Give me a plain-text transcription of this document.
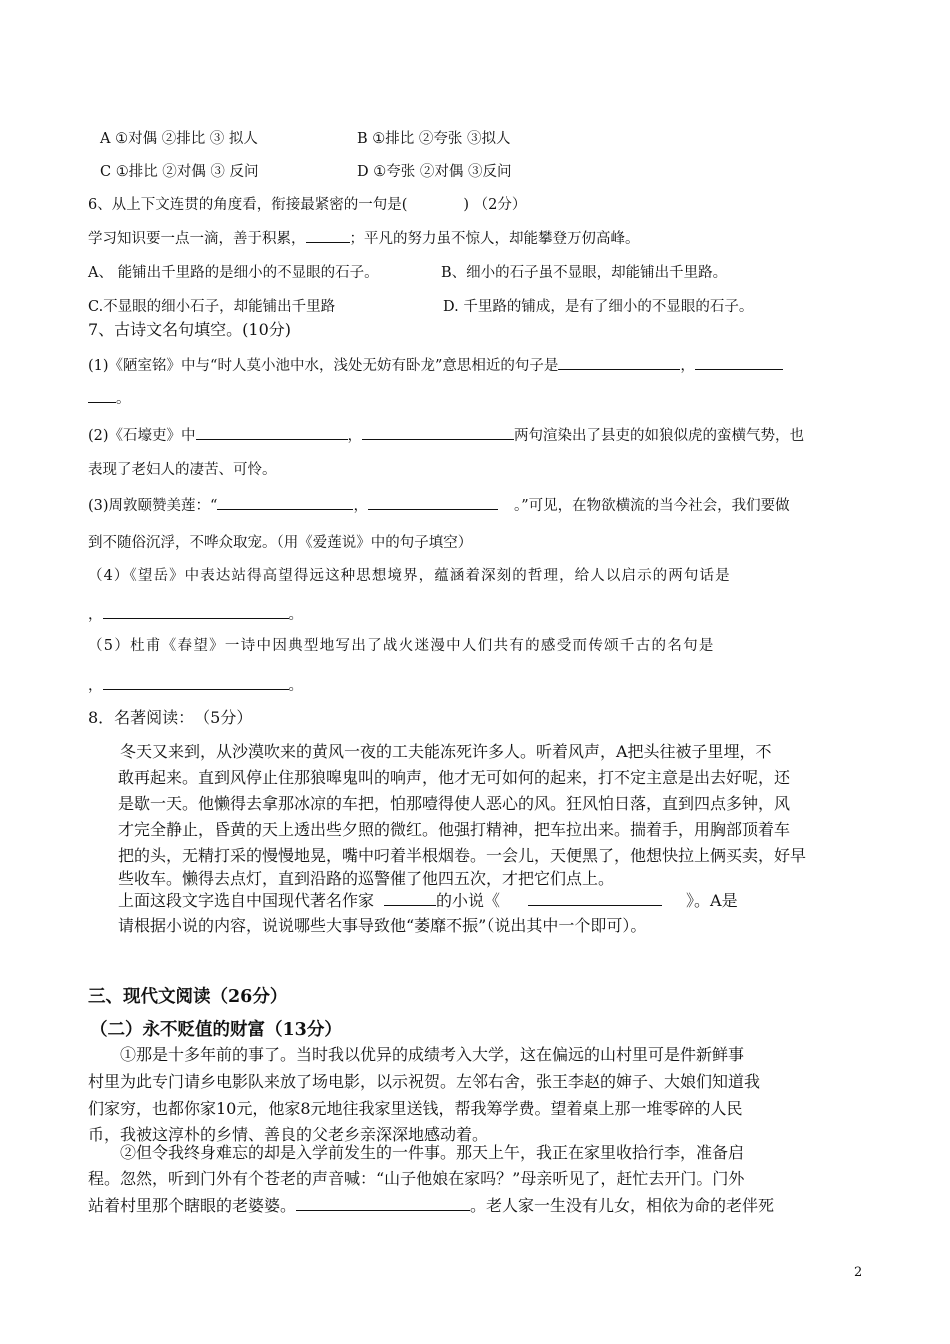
A ①对偶 ②排比 ③ 拟人	B ①排比 ②夸张 ③拟人
C ①排比 ②对偶 ③ 反问	D ①夸张 ②对偶 ③反问
6、从上下文连贯的角度看，衔接最紧密的一句是(	) （2分）
学习知识要一点一滴，善于积累，	；平凡的努力虽不惊人，却能攀登万仞高峰。
A、 能铺出千里路的是细小的不显眼的石子。	B、细小的石子虽不显眼，却能铺出千里路。
C.不显眼的细小石子，却能铺出千里路	D. 千里路的铺成，是有了细小的不显眼的石子。
7、古诗文名句填空。(10分)
(1)《陋室铭》中与“时人莫小池中水，浅处无妨有卧龙”意思相近的句子是	，
。
(2)《石壕吏》中	，	两句渲染出了县吏的如狼似虎的蛮横气势，也
表现了老妇人的凄苦、可怜。
(3)周敦颐赞美莲：“	，	。”可见，在物欲横流的当今社会，我们要做
到不随俗沉浮，不哗众取宠。（用《爱莲说》中的句子填空）
（4）《望岳》中表达站得高望得远这种思想境界，蕴涵着深刻的哲理，给人以启示的两句话是
，	。
（5）杜甫《春望》一诗中因典型地写出了战火迷漫中人们共有的感受而传颂千古的名句是
，	。
8．名著阅读：　（5分）
冬天又来到，从沙漠吹来的黄风一夜的工夫能冻死许多人。听着风声，A把头往被子里埋，不
敢再起来。直到风停止住那狼嗥鬼叫的响声，他才无可如何的起来，打不定主意是出去好呢，还
是歇一天。他懒得去拿那冰凉的车把，怕那噎得使人恶心的风。狂风怕日落，直到四点多钟，风
才完全静止，昏黄的天上透出些夕照的微红。他强打精神，把车拉出来。揣着手，用胸部顶着车
把的头，无精打采的慢慢地晃，嘴中叼着半根烟卷。一会儿，天便黑了，他想快拉上俩买卖，好早
些收车。懒得去点灯，直到沿路的巡警催了他四五次，才把它们点上。
上面这段文字选自中国现代著名作家	的小说《	》。A是
请根据小说的内容，说说哪些大事导致他“萎靡不振”（说出其中一个即可）。
三、现代文阅读（26分）
（二）永不贬值的财富（13分）
①那是十多年前的事了。当时我以优异的成绩考入大学，这在偏远的山村里可是件新鲜事
村里为此专门请乡电影队来放了场电影，以示祝贺。左邻右舍，张王李赵的婶子、大娘们知道我
们家穷，也都你家10元，他家8元地往我家里送钱，帮我筹学费。望着桌上那一堆零碎的人民
币，我被这淳朴的乡情、善良的父老乡亲深深地感动着。
②但令我终身难忘的却是入学前发生的一件事。那天上午，我正在家里收拾行李，准备启
程。忽然，听到门外有个苍老的声音喊：“山子他娘在家吗？”母亲听见了，赶忙去开门。门外
站着村里那个瞎眼的老婆婆。	。老人家一生没有儿女，相依为命的老伴死
2
